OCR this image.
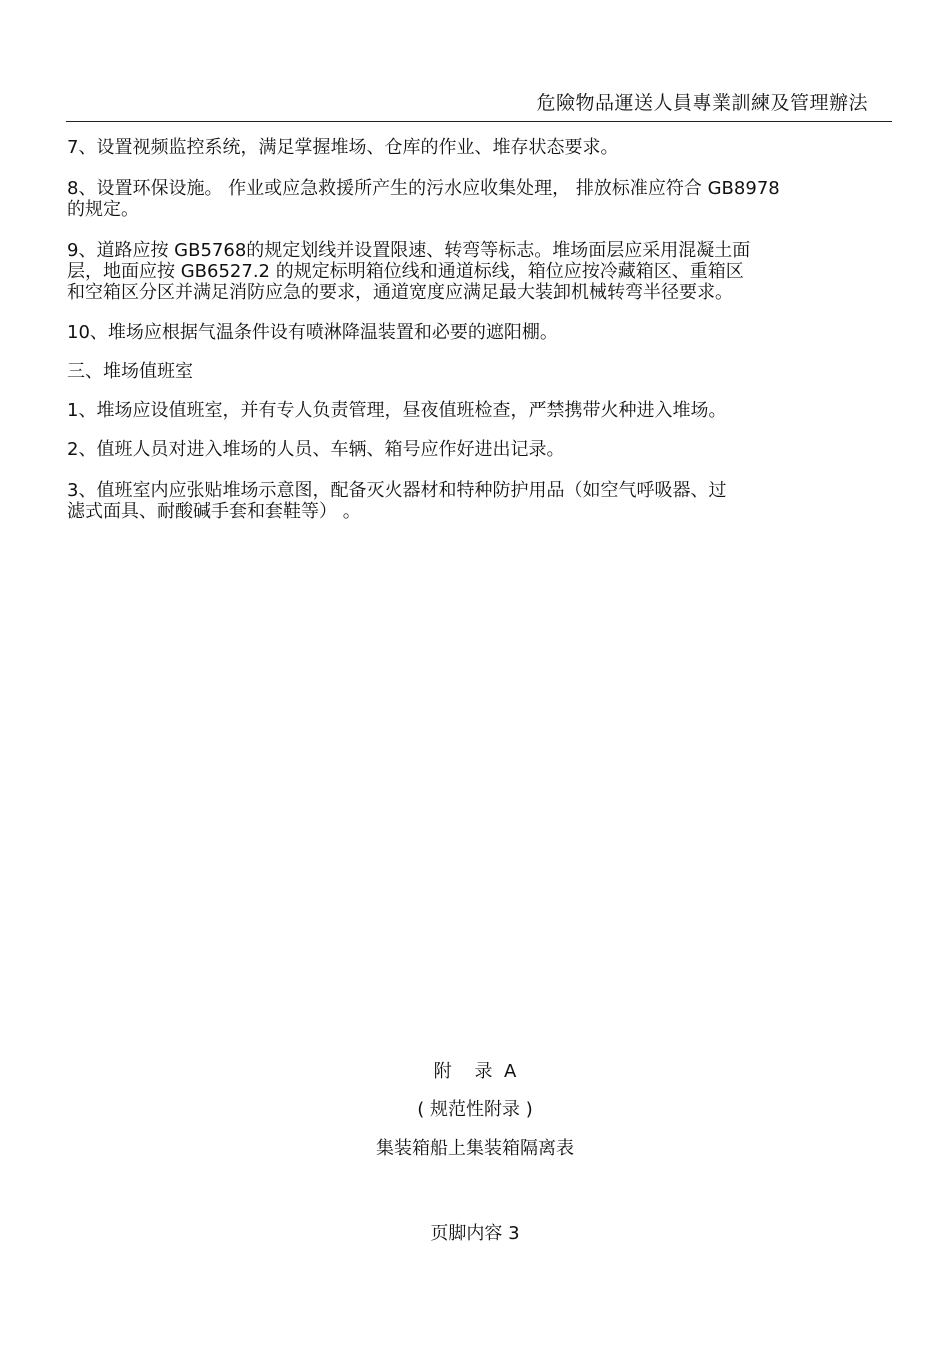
危險物品運送人員專業訓練及管理辦法

7、设置视频监控系统，满足掌握堆场、仓库的作业、堆存状态要求。

8、设置环保设施。 作业或应急救援所产生的污水应收集处理， 排放标准应符合 GB8978
的规定。

9、道路应按 GB5768的规定划线并设置限速、转弯等标志。堆场面层应采用混凝土面
层，地面应按 GB6527.2 的规定标明箱位线和通道标线，箱位应按冷藏箱区、重箱区
和空箱区分区并满足消防应急的要求，通道宽度应满足最大装卸机械转弯半径要求。

10、堆场应根据气温条件设有喷淋降温装置和必要的遮阳棚。

三、堆场值班室

1、堆场应设值班室，并有专人负责管理，昼夜值班检查，严禁携带火种进入堆场。

2、值班人员对进入堆场的人员、车辆、箱号应作好进出记录。

3、值班室内应张贴堆场示意图，配备灭火器材和特种防护用品（如空气呼吸器、过
滤式面具、耐酸碱手套和套鞋等） 。

附    录  A
( 规范性附录 )
集装箱船上集装箱隔离表
页脚内容 3
